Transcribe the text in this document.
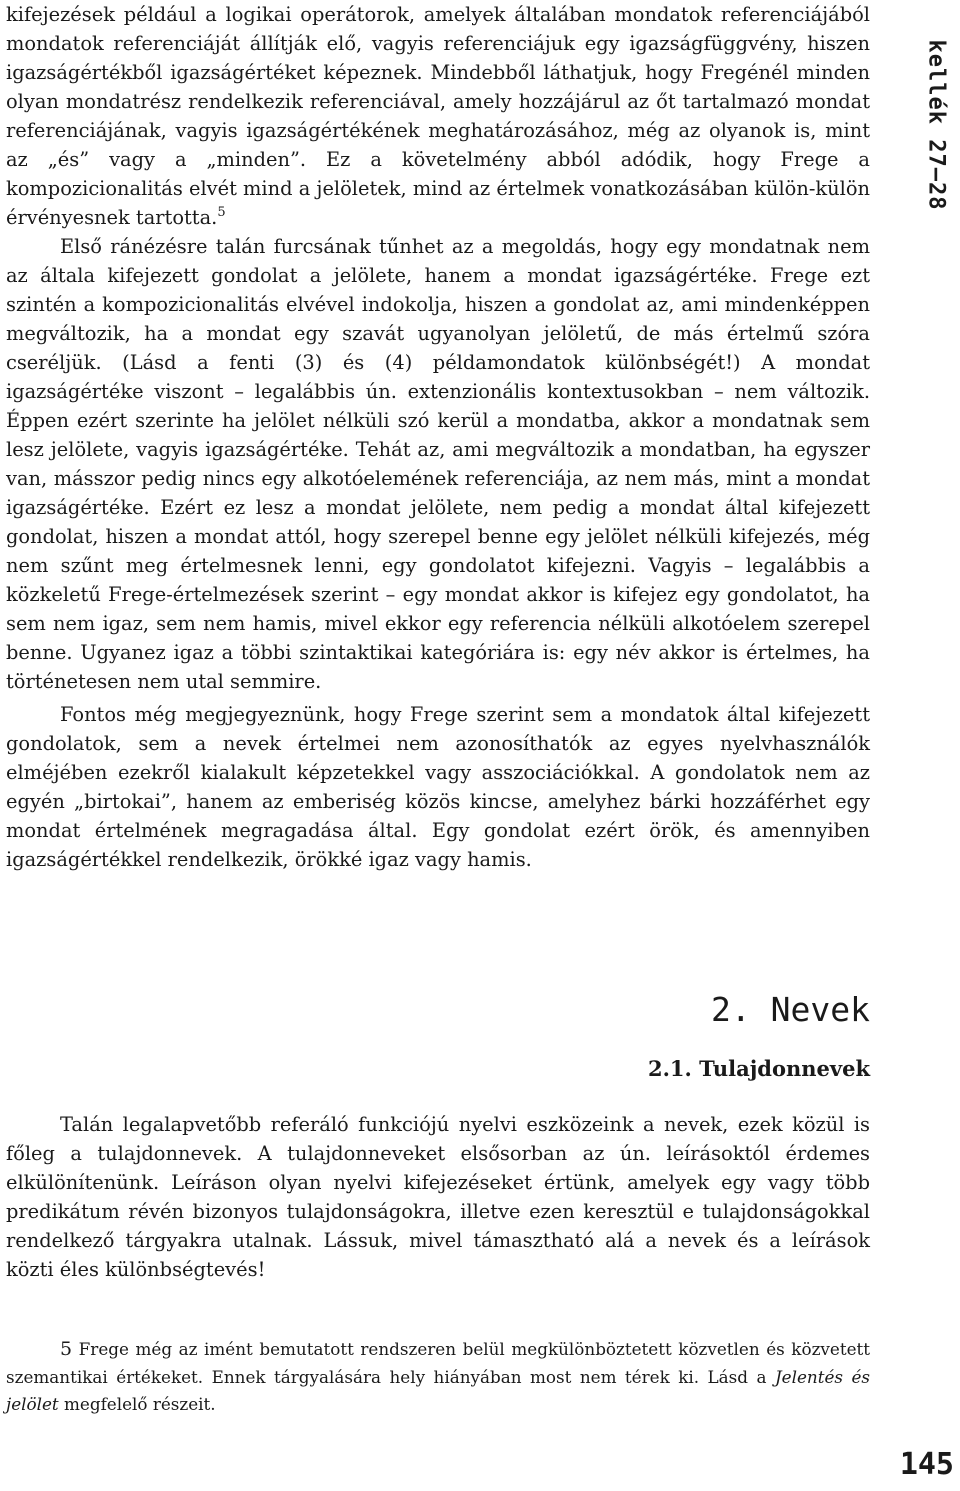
kifejezések például a logikai operátorok, amelyek általában mondatok referenciájából mondatok referenciáját állítják elő, vagyis referenciájuk egy igazságfüggvény, hiszen igazságértékből igazságértéket képeznek. Mindebből láthatjuk, hogy Fregénél minden olyan mondatrész rendelkezik referenciával, amely hozzájárul az őt tartalmazó mondat referenciájának, vagyis igazságértékének meghatározásához, még az olyanok is, mint az „és” vagy a „minden”. Ez a követelmény abból adódik, hogy Frege a kompozicionalitás elvét mind a jelöletek, mind az értelmek vonatkozásában külön-külön érvényesnek tartotta.$^5$

Első ránézésre talán furcsának tűnhet az a megoldás, hogy egy mondatnak nem az általa kifejezett gondolat a jelölete, hanem a mondat igazságértéke. Frege ezt szintén a kompozicionalitás elvével indokolja, hiszen a gondolat az, ami mindenképpen megváltozik, ha a mondat egy szavát ugyanolyan jelöletű, de más értelmű szóra cseréljük. (Lásd a fenti (3) és (4) példamondatok különbségét!) A mondat igazságértéke viszont – legalábbis ún. extenzionális kontextusokban – nem változik. Éppen ezért szerinte ha jelölet nélküli szó kerül a mondatba, akkor a mondatnak sem lesz jelölete, vagyis igazságértéke. Tehát az, ami megváltozik a mondatban, ha egyszer van, másszor pedig nincs egy alkotóelemének referenciája, az nem más, mint a mondat igazságértéke. Ezért ez lesz a mondat jelölete, nem pedig a mondat által kifejezett gondolat, hiszen a mondat attól, hogy szerepel benne egy jelölet nélküli kifejezés, még nem szűnt meg értelmesnek lenni, egy gondolatot kifejezni. Vagyis – legalábbis a közkeletű Frege-értelmezések szerint – egy mondat akkor is kifejez egy gondolatot, ha sem nem igaz, sem nem hamis, mivel ekkor egy referencia nélküli alkotóelem szerepel benne. Ugyanez igaz a többi szintaktikai kategóriára is: egy név akkor is értelmes, ha történetesen nem utal semmire.

Fontos még megjegyeznünk, hogy Frege szerint sem a mondatok által kifejezett gondolatok, sem a nevek értelmei nem azonosíthatók az egyes nyelvhasználók elméjében ezekről kialakult képzetekkel vagy asszociációkkal. A gondolatok nem az egyén „birtokai”, hanem az emberiség közös kincse, amelyhez bárki hozzáférhet egy mondat értelmének megragadása által. Egy gondolat ezért örök, és amennyiben igazságértékkel rendelkezik, örökké igaz vagy hamis.

kellék 27–28
2. Nevek
2.1. Tulajdonnevek

Talán legalapvetőbb referáló funkciójú nyelvi eszközeink a nevek, ezek közül is főleg a tulajdonnevek. A tulajdonneveket elsősorban az ún. leírásoktól érdemes elkülönítenünk. Leíráson olyan nyelvi kifejezéseket értünk, amelyek egy vagy több predikátum révén bizonyos tulajdonságokra, illetve ezen keresztül e tulajdonságokkal rendelkező tárgyakra utalnak. Lássuk, mivel támasztható alá a nevek és a leírások közti éles különbségtevés!

5 Frege még az imént bemutatott rendszeren belül megkülönböztetett közvetlen és közvetett szemantikai értékeket. Ennek tárgyalására hely hiányában most nem térek ki. Lásd a Jelentés és jelölet megfelelő részeit.

145
